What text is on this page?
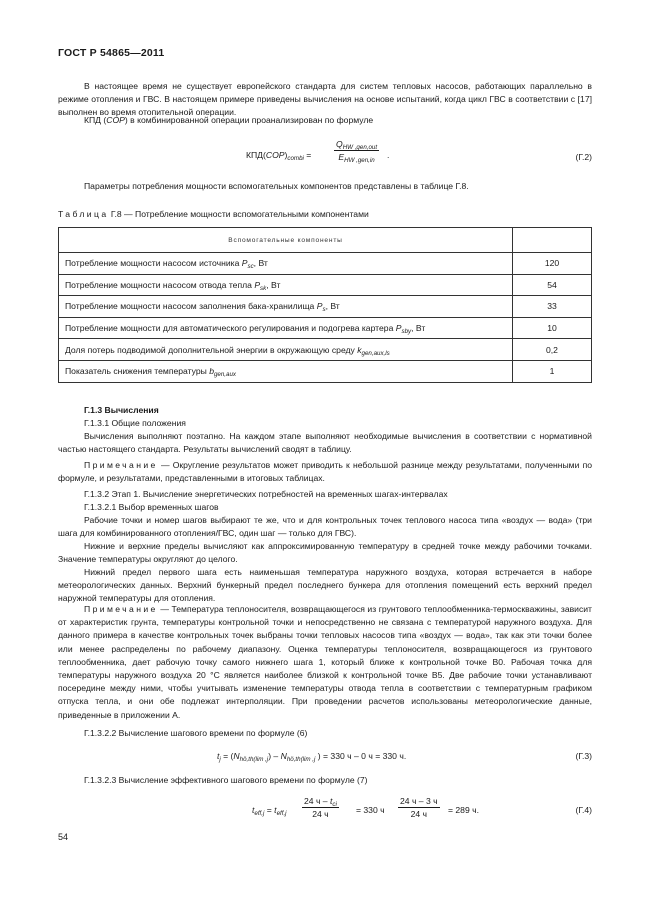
ГОСТ Р 54865—2011
В настоящее время не существует европейского стандарта для систем тепловых насосов, работающих параллельно в режиме отопления и ГВС. В настоящем примере приведены вычисления на основе испытаний, когда цикл ГВС в соответствии с [17] выполнен во время отопительной операции.
КПД (COP) в комбинированной операции проанализирован по формуле
$КПД(COP)_{combi}$ =
$Q_{HW ,gen,out}$
$E_{HW ,gen,in}$
.	(Г.2)
Параметры потребления мощности вспомогательных компонентов представлены в таблице Г.8.
Таблица Г.8 — Потребление мощности вспомогательными компонентами
Вспомогательные компоненты	
Потребление мощности насосом источника $P_{sc}$, Вт	120
Потребление мощности насосом отвода тепла $P_{sk}$, Вт	54
Потребление мощности насосом заполнения бака-хранилища $P_s$, Вт	33
Потребление мощности для автоматического регулирования и подогрева картера $P_{sby}$, Вт	10
Доля потерь подводимой дополнительной энергии в окружающую среду $k_{gen,aux,ls}$	0,2
Показатель снижения температуры $b_{gen,aux}$	1
Г.1.3 Вычисления
Г.1.3.1 Общие положения
Вычисления выполняют поэтапно. На каждом этапе выполняют необходимые вычисления в соответствии с нормативной частью настоящего стандарта. Результаты вычислений сводят в таблицу.
Примечание — Округление результатов может приводить к небольшой разнице между результатами, полученными по формуле, и результатами, представленными в итоговых таблицах.
Г.1.3.2 Этап 1. Вычисление энергетических потребностей на временных шагах-интервалах
Г.1.3.2.1 Выбор временных шагов
Рабочие точки и номер шагов выбирают те же, что и для контрольных точек теплового насоса типа «воздух — вода» (три шага для комбинированного отопления/ГВС, один шаг — только для ГВС).
Нижние и верхние пределы вычисляют как аппроксимированную температуру в средней точке между рабочими точками. Значение температуры округляют до целого.
Нижний предел первого шага есть наименьшая температура наружного воздуха, которая встречается в наборе метеорологических данных. Верхний бункерный предел последнего бункера для отопления помещений есть верхний предел наружной температуры для отопления.
Примечание — Температура теплоносителя, возвращающегося из грунтового теплообменника-термоскважины, зависит от характеристик грунта, температуры контрольной точки и непосредственно не связана с температурой наружного воздуха. Для данного примера в качестве контрольных точек выбраны точки тепловых насосов типа «воздух — вода», так как эти точки более или менее распределены по рабочему диапазону. Оценка температуры теплоносителя, возвращающегося из грунтового теплообменника, дает рабочую точку самого нижнего шага 1, который ближе к контрольной точке В0. Рабочая точка для температуры наружного воздуха 20 °С является наиболее близкой к контрольной точке В5. Две рабочие точки устанавливают посередине между ними, чтобы учитывать изменение температуры отвода тепла в соответствии с температурным графиком отпуска тепла, и они обе подлежат интерполяции. При проведении расчетов использованы метеорологические данные, приведенные в приложении А.
Г.1.3.2.2 Вычисление шагового времени по формуле (6)
$t_j = (N_{hö,th(lim ,j}) - N_{hö,th(lim ,j}$ ) = 330 ч – 0 ч = 330 ч.	(Г.3)
Г.1.3.2.3 Вычисление эффективного шагового времени по формуле (7)
$t_{eff,j} = t_{eff,j}$
24 ч – $t_{ci}$
24 ч	= 330 ч
24 ч – 3 ч
24 ч	= 289 ч.	(Г.4)
54
